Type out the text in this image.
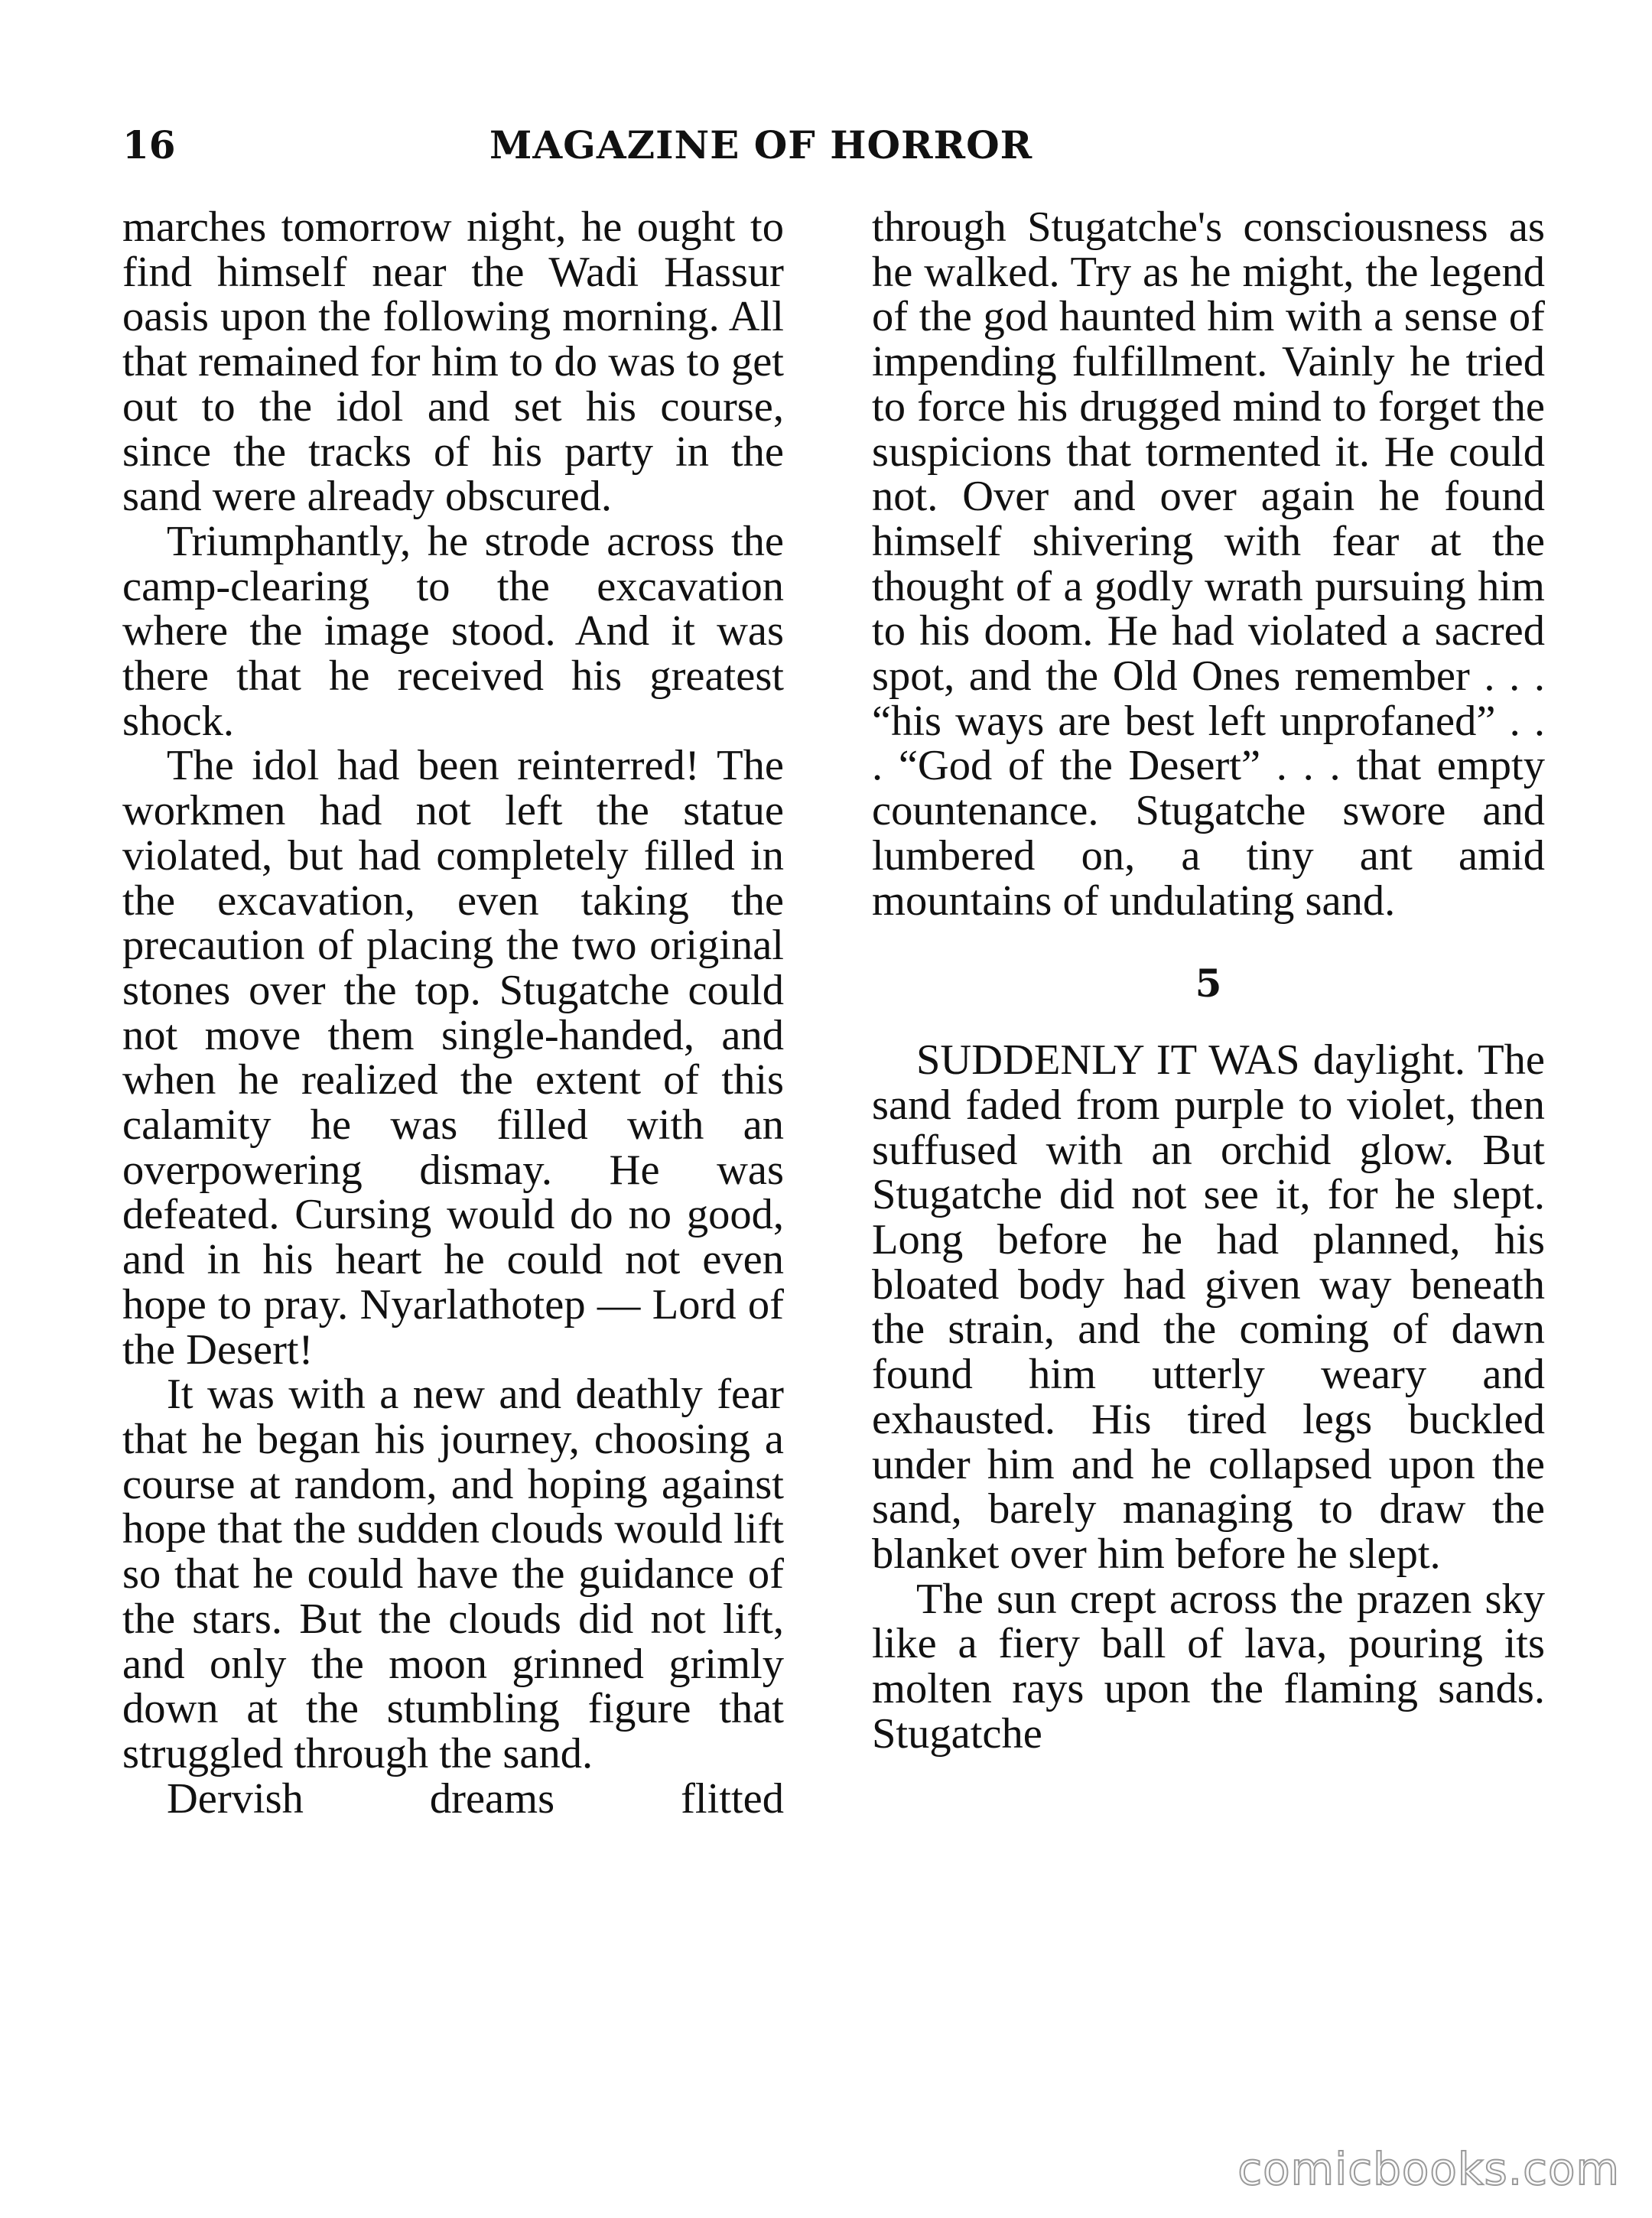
16	MAGAZINE OF HORROR

marches tomorrow night, he ought to find himself near the Wadi Hassur oasis upon the following morning. All that remained for him to do was to get out to the idol and set his course, since the tracks of his party in the sand were already obscured.

Triumphantly, he strode across the camp-clearing to the excavation where the image stood. And it was there that he received his greatest shock.

The idol had been reinterred! The workmen had not left the statue violated, but had completely filled in the excavation, even taking the precaution of placing the two original stones over the top. Stugatche could not move them single-handed, and when he realized the extent of this calamity he was filled with an overpowering dismay. He was defeated. Cursing would do no good, and in his heart he could not even hope to pray. Nyarlathotep — Lord of the Desert!

It was with a new and deathly fear that he began his journey, choosing a course at random, and hoping against hope that the sudden clouds would lift so that he could have the guidance of the stars. But the clouds did not lift, and only the moon grinned grimly down at the stumbling figure that struggled through the sand.

Dervish dreams flitted

through Stugatche's consciousness as he walked. Try as he might, the legend of the god haunted him with a sense of impending fulfillment. Vainly he tried to force his drugged mind to forget the suspicions that tormented it. He could not. Over and over again he found himself shivering with fear at the thought of a godly wrath pursuing him to his doom. He had violated a sacred spot, and the Old Ones remember . . . “his ways are best left unprofaned” . . . “God of the Desert” . . . that empty countenance. Stugatche swore and lumbered on, a tiny ant amid mountains of undulating sand.

5

SUDDENLY IT WAS daylight. The sand faded from purple to violet, then suffused with an orchid glow. But Stugatche did not see it, for he slept. Long before he had planned, his bloated body had given way beneath the strain, and the coming of dawn found him utterly weary and exhausted. His tired legs buckled under him and he collapsed upon the sand, barely managing to draw the blanket over him before he slept.

The sun crept across the prazen sky like a fiery ball of lava, pouring its molten rays upon the flaming sands. Stugatche

comicbooks.com
